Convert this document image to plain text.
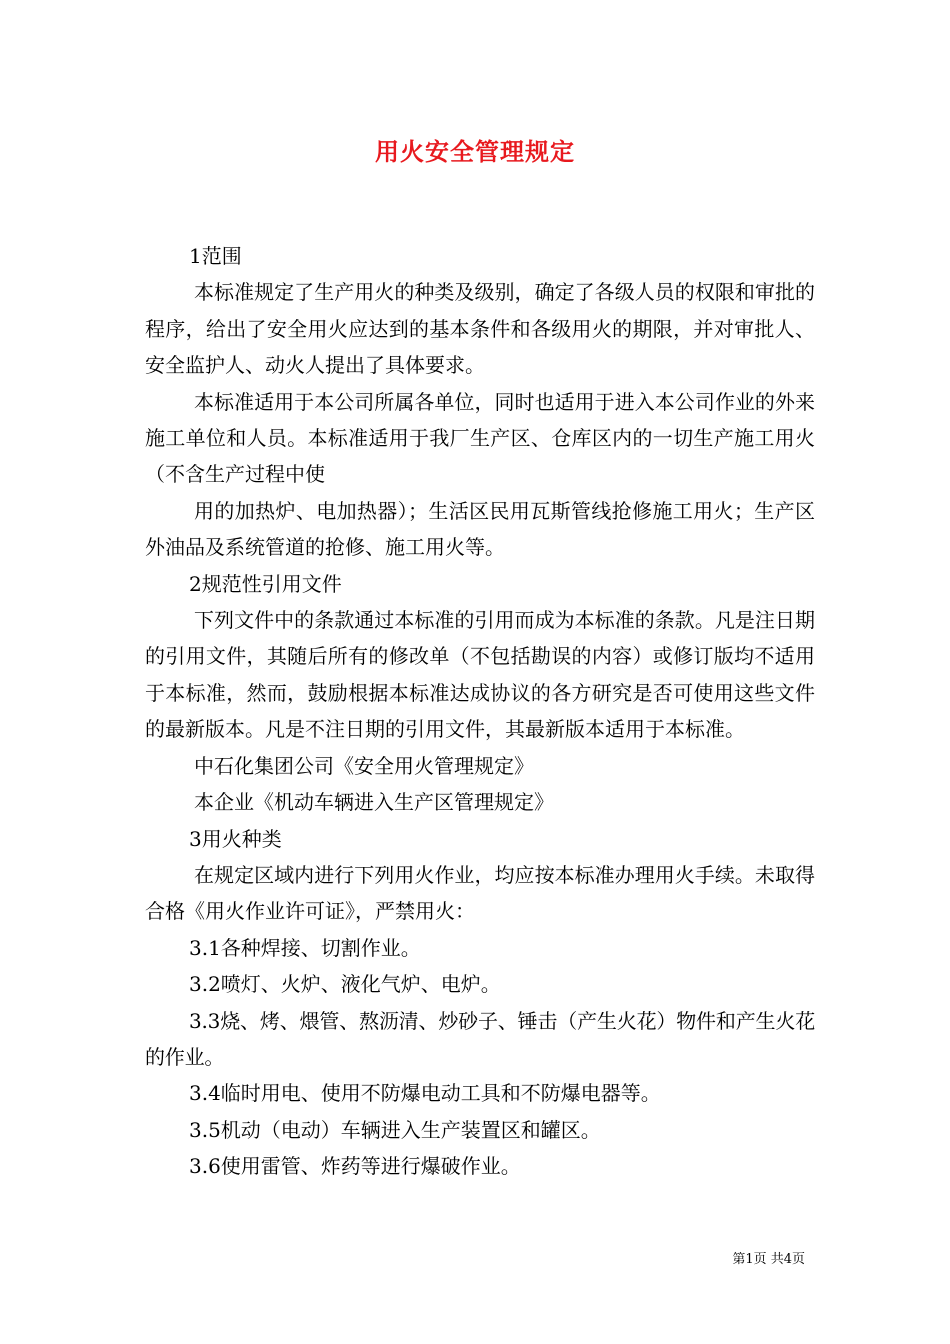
用火安全管理规定

1范围

本标准规定了生产用火的种类及级别，确定了各级人员的权限和审批的程序，给出了安全用火应达到的基本条件和各级用火的期限，并对审批人、安全监护人、动火人提出了具体要求。

本标准适用于本公司所属各单位，同时也适用于进入本公司作业的外来施工单位和人员。本标准适用于我厂生产区、仓库区内的一切生产施工用火（不含生产过程中使

用的加热炉、电加热器）；生活区民用瓦斯管线抢修施工用火；生产区外油品及系统管道的抢修、施工用火等。

2规范性引用文件

下列文件中的条款通过本标准的引用而成为本标准的条款。凡是注日期的引用文件，其随后所有的修改单（不包括勘误的内容）或修订版均不适用于本标准，然而，鼓励根据本标准达成协议的各方研究是否可使用这些文件的最新版本。凡是不注日期的引用文件，其最新版本适用于本标准。

中石化集团公司《安全用火管理规定》

本企业《机动车辆进入生产区管理规定》

3用火种类

在规定区域内进行下列用火作业，均应按本标准办理用火手续。未取得合格《用火作业许可证》，严禁用火：

3.1各种焊接、切割作业。

3.2喷灯、火炉、液化气炉、电炉。

3.3烧、烤、煨管、熬沥清、炒砂子、锤击（产生火花）物件和产生火花的作业。

3.4临时用电、使用不防爆电动工具和不防爆电器等。

3.5机动（电动）车辆进入生产装置区和罐区。

3.6使用雷管、炸药等进行爆破作业。

第1页 共4页
